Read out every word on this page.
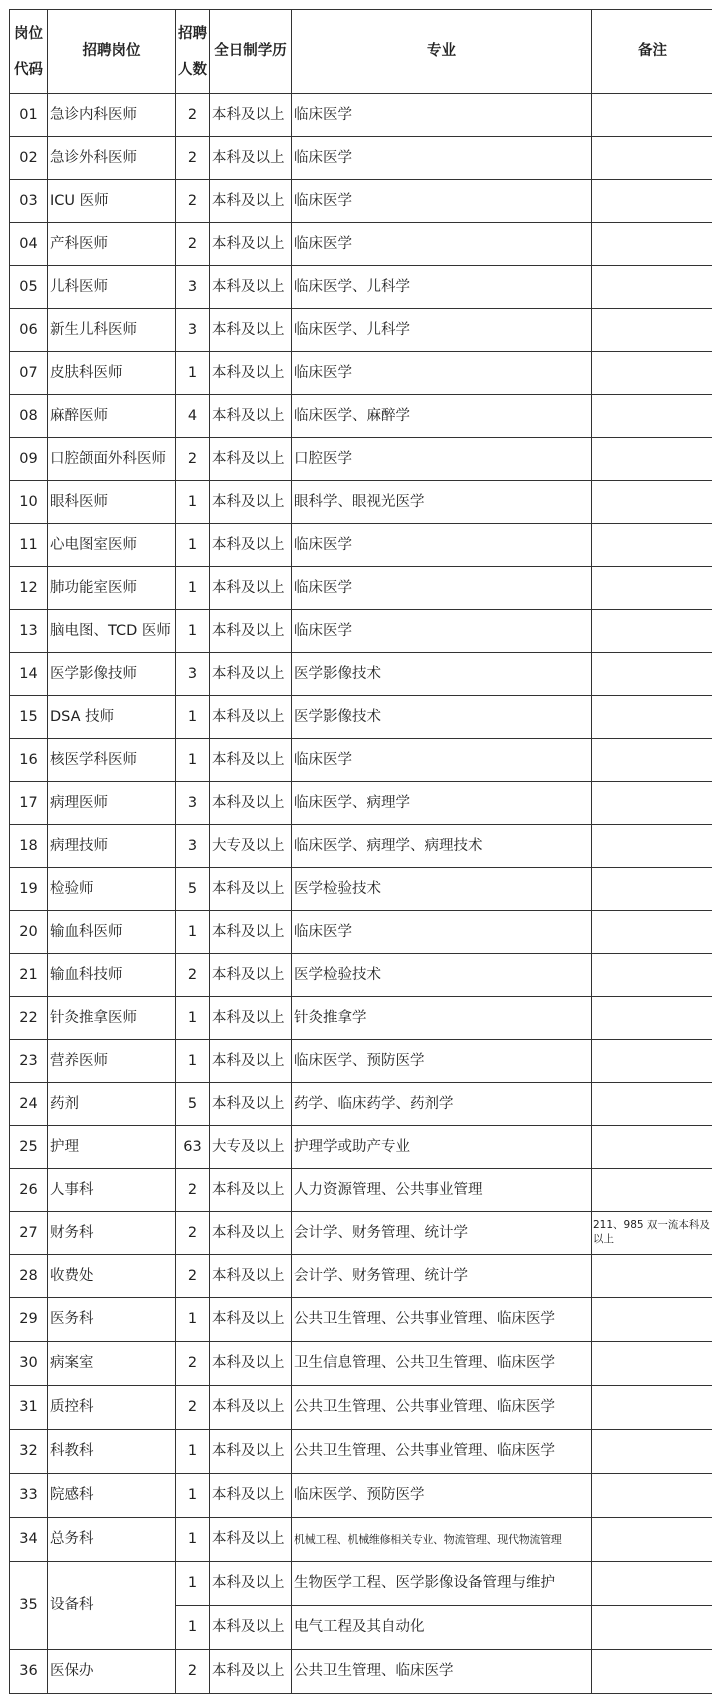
岗位代码	招聘岗位	招聘人数	全日制学历	专业	备注
01	急诊内科医师	2	本科及以上	临床医学	
02	急诊外科医师	2	本科及以上	临床医学	
03	ICU 医师	2	本科及以上	临床医学	
04	产科医师	2	本科及以上	临床医学	
05	儿科医师	3	本科及以上	临床医学、儿科学	
06	新生儿科医师	3	本科及以上	临床医学、儿科学	
07	皮肤科医师	1	本科及以上	临床医学	
08	麻醉医师	4	本科及以上	临床医学、麻醉学	
09	口腔颌面外科医师	2	本科及以上	口腔医学	
10	眼科医师	1	本科及以上	眼科学、眼视光医学	
11	心电图室医师	1	本科及以上	临床医学	
12	肺功能室医师	1	本科及以上	临床医学	
13	脑电图、TCD 医师	1	本科及以上	临床医学	
14	医学影像技师	3	本科及以上	医学影像技术	
15	DSA 技师	1	本科及以上	医学影像技术	
16	核医学科医师	1	本科及以上	临床医学	
17	病理医师	3	本科及以上	临床医学、病理学	
18	病理技师	3	大专及以上	临床医学、病理学、病理技术	
19	检验师	5	本科及以上	医学检验技术	
20	输血科医师	1	本科及以上	临床医学	
21	输血科技师	2	本科及以上	医学检验技术	
22	针灸推拿医师	1	本科及以上	针灸推拿学	
23	营养医师	1	本科及以上	临床医学、预防医学	
24	药剂	5	本科及以上	药学、临床药学、药剂学	
25	护理	63	大专及以上	护理学或助产专业	
26	人事科	2	本科及以上	人力资源管理、公共事业管理	
27	财务科	2	本科及以上	会计学、财务管理、统计学	211、985 双一流本科及以上
28	收费处	2	本科及以上	会计学、财务管理、统计学	
29	医务科	1	本科及以上	公共卫生管理、公共事业管理、临床医学	
30	病案室	2	本科及以上	卫生信息管理、公共卫生管理、临床医学	
31	质控科	2	本科及以上	公共卫生管理、公共事业管理、临床医学	
32	科教科	1	本科及以上	公共卫生管理、公共事业管理、临床医学	
33	院感科	1	本科及以上	临床医学、预防医学	
34	总务科	1	本科及以上	机械工程、机械维修相关专业、物流管理、现代物流管理	
35	设备科	1	本科及以上	生物医学工程、医学影像设备管理与维护	
		1	本科及以上	电气工程及其自动化	
36	医保办	2	本科及以上	公共卫生管理、临床医学	
